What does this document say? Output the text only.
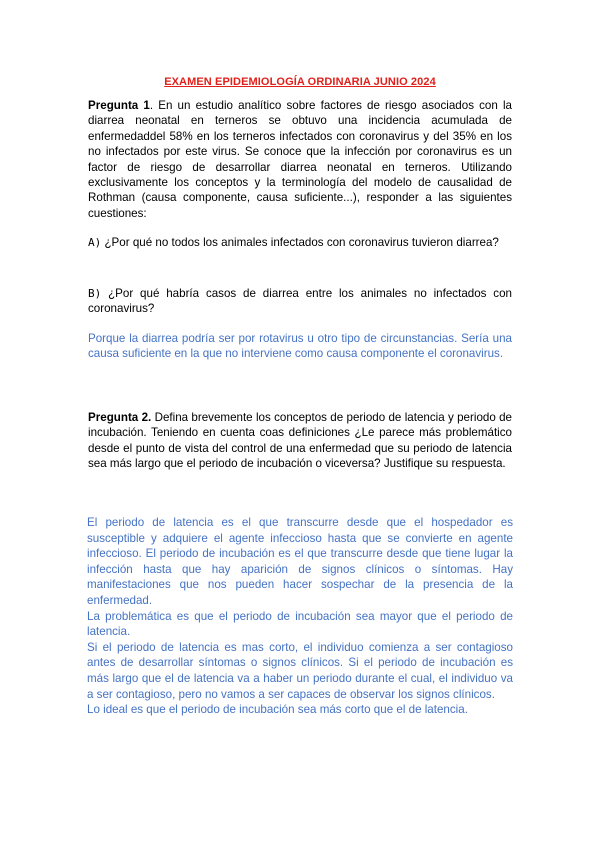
EXAMEN EPIDEMIOLOGÍA ORDINARIA JUNIO 2024
Pregunta 1. En un estudio analítico sobre factores de riesgo asociados con la diarrea neonatal en terneros se obtuvo una incidencia acumulada de enfermedaddel 58% en los terneros infectados con coronavirus y del 35% en los no infectados por este virus. Se conoce que la infección por coronavirus es un factor de riesgo de desarrollar diarrea neonatal en terneros. Utilizando exclusivamente los conceptos y la terminología del modelo de causalidad de Rothman (causa componente, causa suficiente...), responder a las siguientes cuestiones:
A) ¿Por qué no todos los animales infectados con coronavirus tuvieron diarrea?
B) ¿Por qué habría casos de diarrea entre los animales no infectados con coronavirus?
Porque la diarrea podría ser por rotavirus u otro tipo de circunstancias. Sería una causa suficiente en la que no interviene como causa componente el coronavirus.
Pregunta 2. Defina brevemente los conceptos de periodo de latencia y periodo de incubación. Teniendo en cuenta coas definiciones ¿Le parece más problemático desde el punto de vista del control de una enfermedad que su periodo de latencia sea más largo que el periodo de incubación o viceversa? Justifique su respuesta.

El periodo de latencia es el que transcurre desde que el hospedador es susceptible y adquiere el agente infeccioso hasta que se convierte en agente infeccioso. El periodo de incubación es el que transcurre desde que tiene lugar la infección hasta que hay aparición de signos clínicos o síntomas. Hay manifestaciones que nos pueden hacer sospechar de la presencia de la enfermedad.

La problemática es que el periodo de incubación sea mayor que el periodo de latencia.

Si el periodo de latencia es mas corto, el individuo comienza a ser contagioso antes de desarrollar síntomas o signos clínicos. Si el periodo de incubación es más largo que el de latencia va a haber un periodo durante el cual, el individuo va a ser contagioso, pero no vamos a ser capaces de observar los signos clínicos.

Lo ideal es que el periodo de incubación sea más corto que el de latencia.
